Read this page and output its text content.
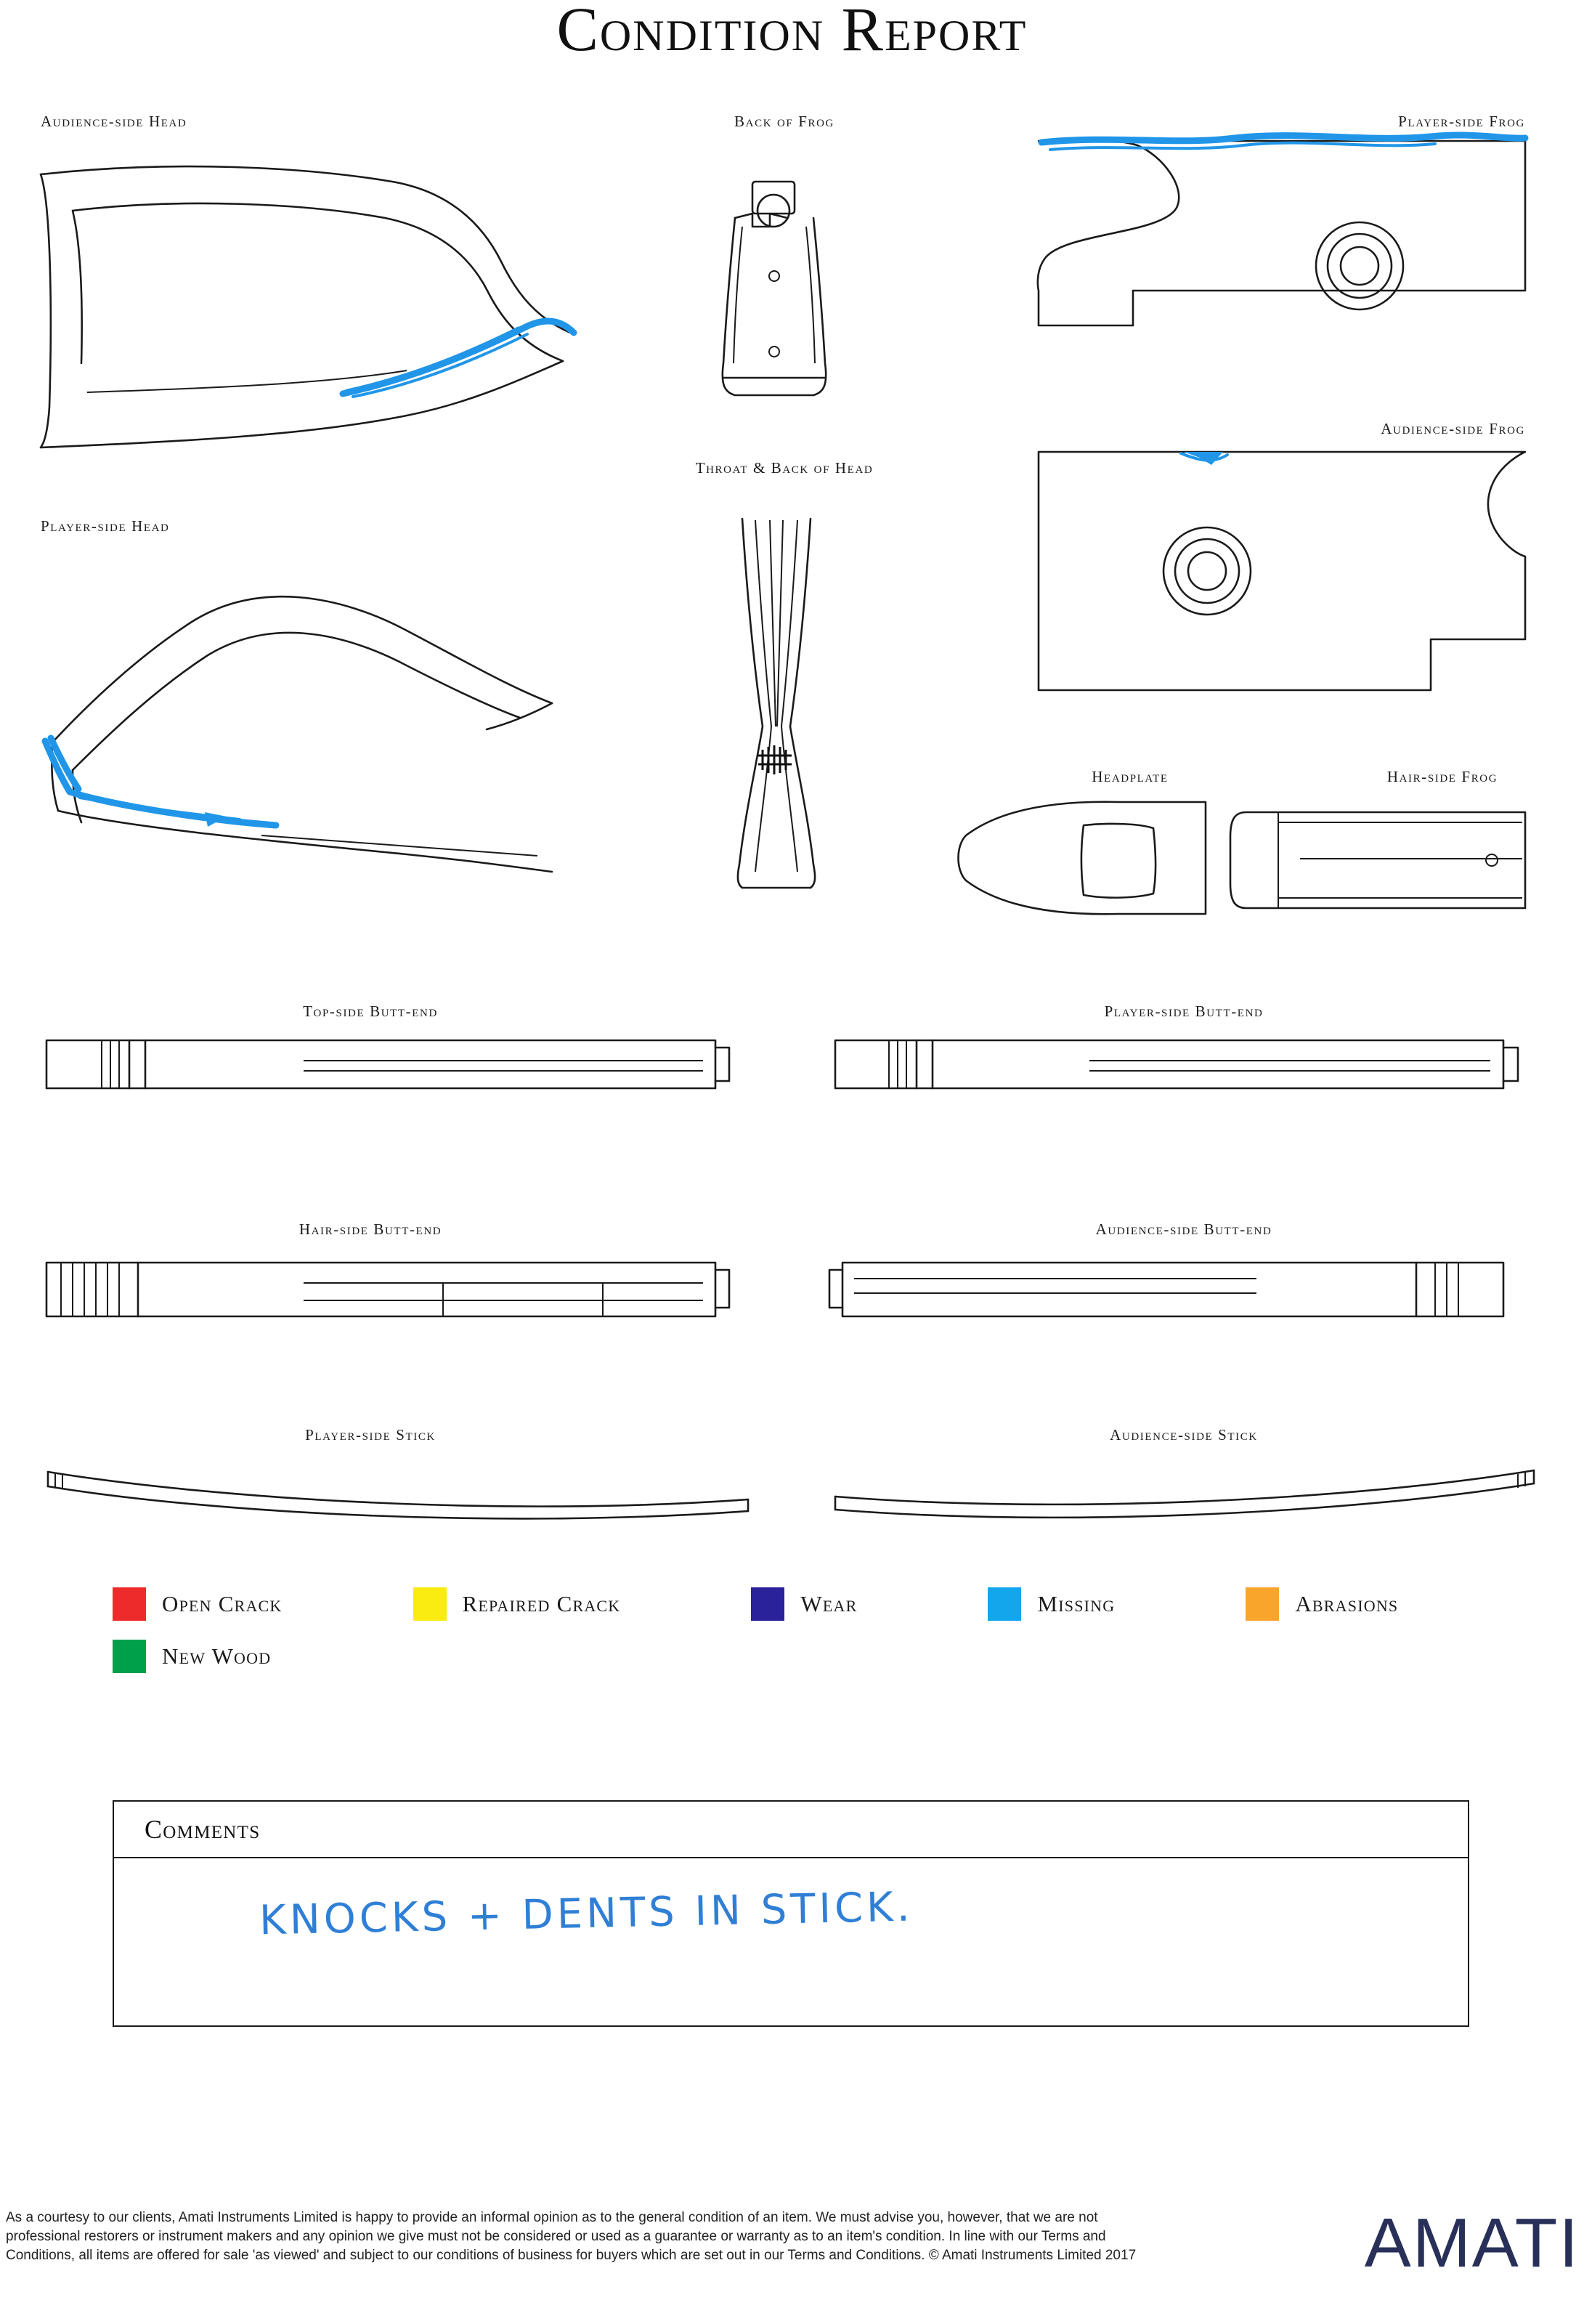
Condition Report
Audience-side Head
Player-side Head
Back of Frog
Throat & Back of Head
Player-side Frog
Audience-side Frog
Headplate	Hair-side Frog
Top-side Butt-end	Player-side Butt-end
Hair-side Butt-end	Audience-side Butt-end
Player-side Stick	Audience-side Stick
Open Crack	Repaired Crack	Wear	Missing	Abrasions
New Wood
Comments
KNOCKS + DENTS IN STICK.
As a courtesy to our clients, Amati Instruments Limited is happy to provide an informal opinion as to the general condition of an item. We must advise you, however, that we are not professional restorers or instrument makers and any opinion we give must not be considered or used as a guarantee or warranty as to an item's condition. In line with our Terms and Conditions, all items are offered for sale 'as viewed' and subject to our conditions of business for buyers which are set out in our Terms and Conditions. © Amati Instruments Limited 2017	AMATI
